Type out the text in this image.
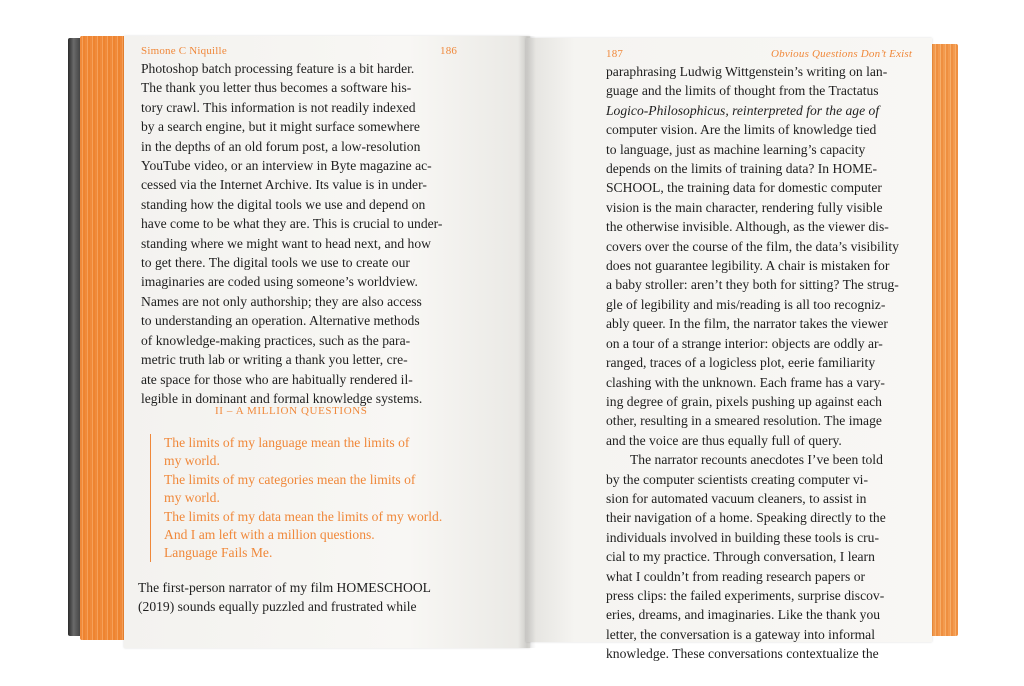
Simone C Niquille	186
Photoshop batch processing feature is a bit harder.
The thank you letter thus becomes a software his-
tory crawl. This information is not readily indexed
by a search engine, but it might surface somewhere
in the depths of an old forum post, a low-resolution
YouTube video, or an interview in Byte magazine ac-
cessed via the Internet Archive. Its value is in under-
standing how the digital tools we use and depend on
have come to be what they are. This is crucial to under-
standing where we might want to head next, and how
to get there. The digital tools we use to create our
imaginaries are coded using someone’s worldview.
Names are not only authorship; they are also access
to understanding an operation. Alternative methods
of knowledge-making practices, such as the para-
metric truth lab or writing a thank you letter, cre-
ate space for those who are habitually rendered il-
legible in dominant and formal knowledge systems.
II – A MILLION QUESTIONS
The limits of my language mean the limits of
my world.
The limits of my categories mean the limits of
my world.
The limits of my data mean the limits of my world.
And I am left with a million questions.
Language Fails Me.
The first-person narrator of my film HOMESCHOOL
(2019) sounds equally puzzled and frustrated while
187	Obvious Questions Don’t Exist
paraphrasing Ludwig Wittgenstein’s writing on lan-
guage and the limits of thought from the Tractatus
Logico-Philosophicus, reinterpreted for the age of
computer vision. Are the limits of knowledge tied
to language, just as machine learning’s capacity
depends on the limits of training data? In HOME-
SCHOOL, the training data for domestic computer
vision is the main character, rendering fully visible
the otherwise invisible. Although, as the viewer dis-
covers over the course of the film, the data’s visibility
does not guarantee legibility. A chair is mistaken for
a baby stroller: aren’t they both for sitting? The strug-
gle of legibility and mis/reading is all too recogniz-
ably queer. In the film, the narrator takes the viewer
on a tour of a strange interior: objects are oddly ar-
ranged, traces of a logicless plot, eerie familiarity
clashing with the unknown. Each frame has a vary-
ing degree of grain, pixels pushing up against each
other, resulting in a smeared resolution. The image
and the voice are thus equally full of query.
The narrator recounts anecdotes I’ve been told
by the computer scientists creating computer vi-
sion for automated vacuum cleaners, to assist in
their navigation of a home. Speaking directly to the
individuals involved in building these tools is cru-
cial to my practice. Through conversation, I learn
what I couldn’t from reading research papers or
press clips: the failed experiments, surprise discov-
eries, dreams, and imaginaries. Like the thank you
letter, the conversation is a gateway into informal
knowledge. These conversations contextualize the
